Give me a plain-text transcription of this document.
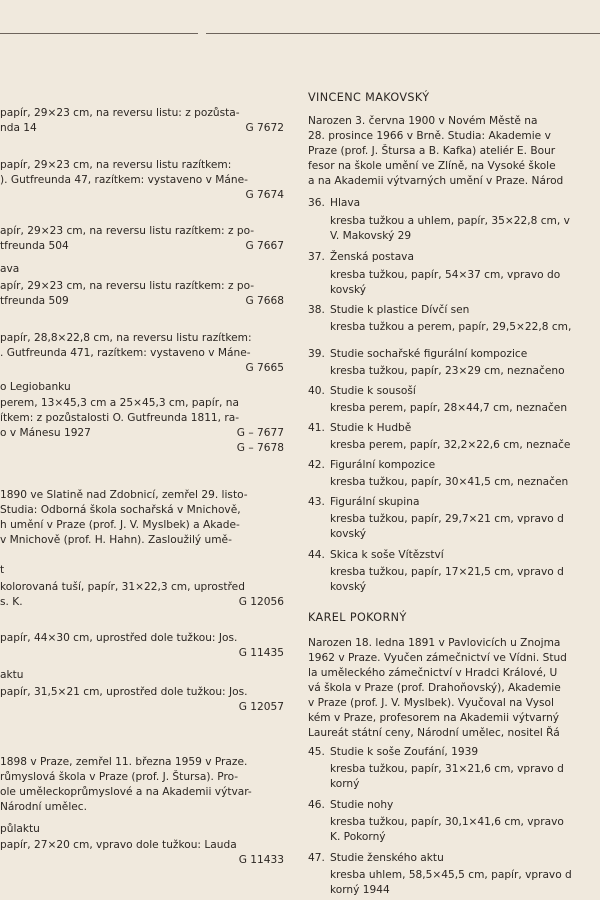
papír, 29×23 cm, na reversu listu: z pozůsta-

nda 14	G 7672

papír, 29×23 cm, na reversu listu razítkem:

). Gutfreunda 47, razítkem: vystaveno v Máne-

G 7674

apír, 29×23 cm, na reversu listu razítkem: z po-

tfreunda 504	G 7667

ava

apír, 29×23 cm, na reversu listu razítkem: z po-

tfreunda 509	G 7668

papír, 28,8×22,8 cm, na reversu listu razítkem:

. Gutfreunda 471, razítkem: vystaveno v Máne-

G 7665

o Legiobanku

perem, 13×45,3 cm a 25×45,3 cm, papír, na

ítkem: z pozůstalosti O. Gutfreunda 1811, ra-

o v Mánesu 1927	G – 7677
G – 7678

1890 ve Slatině nad Zdobnicí, zemřel 29. listo-

Studia: Odborná škola sochařská v Mnichově,

h umění v Praze (prof. J. V. Myslbek) a Akade-

v Mnichově (prof. H. Hahn). Zasloužilý umě-

t

kolorovaná tuší, papír, 31×22,3 cm, uprostřed

s. K.	G 12056

papír, 44×30 cm, uprostřed dole tužkou: Jos.

G 11435

aktu

papír, 31,5×21 cm, uprostřed dole tužkou: Jos.

G 12057

1898 v Praze, zemřel 11. března 1959 v Praze.

růmyslová škola v Praze (prof. J. Štursa). Pro-

ole uměleckoprůmyslové a na Akademii výtvar-

Národní umělec.

půlaktu

papír, 27×20 cm, vpravo dole tužkou: Lauda

G 11433

VINCENC MAKOVSKÝ

Narozen 3. června 1900 v Novém Městě na

28. prosince 1966 v Brně. Studia: Akademie v

Praze (prof. J. Štursa a B. Kafka) ateliér E. Bour

fesor na škole umění ve Zlíně, na Vysoké škole

a na Akademii výtvarných umění v Praze. Národ

36. Hlava

kresba tužkou a uhlem, papír, 35×22,8 cm, v

V. Makovský 29

37. Ženská postava

kresba tužkou, papír, 54×37 cm, vpravo do

kovský

38. Studie k plastice Dívčí sen

kresba tužkou a perem, papír, 29,5×22,8 cm,

39. Studie sochařské figurální kompozice

kresba tužkou, papír, 23×29 cm, neznačeno

40. Studie k sousoší

kresba perem, papír, 28×44,7 cm, neznačen

41. Studie k Hudbě

kresba perem, papír, 32,2×22,6 cm, neznače

42. Figurální kompozice

kresba tužkou, papír, 30×41,5 cm, neznačen

43. Figurální skupina

kresba tužkou, papír, 29,7×21 cm, vpravo d

kovský

44. Skica k soše Vítězství

kresba tužkou, papír, 17×21,5 cm, vpravo d

kovský

KAREL POKORNÝ

Narozen 18. ledna 1891 v Pavlovicích u Znojma

1962 v Praze. Vyučen zámečnictví ve Vídni. Stud

la uměleckého zámečnictví v Hradci Králové, U

vá škola v Praze (prof. Drahoňovský), Akademie

v Praze (prof. J. V. Myslbek). Vyučoval na Vysol

kém v Praze, profesorem na Akademii výtvarný

Laureát státní ceny, Národní umělec, nositel Řá

45. Studie k soše Zoufání, 1939

kresba tužkou, papír, 31×21,6 cm, vpravo d

korný

46. Studie nohy

kresba tužkou, papír, 30,1×41,6 cm, vpravo

K. Pokorný

47. Studie ženského aktu

kresba uhlem, 58,5×45,5 cm, papír, vpravo d

korný 1944
